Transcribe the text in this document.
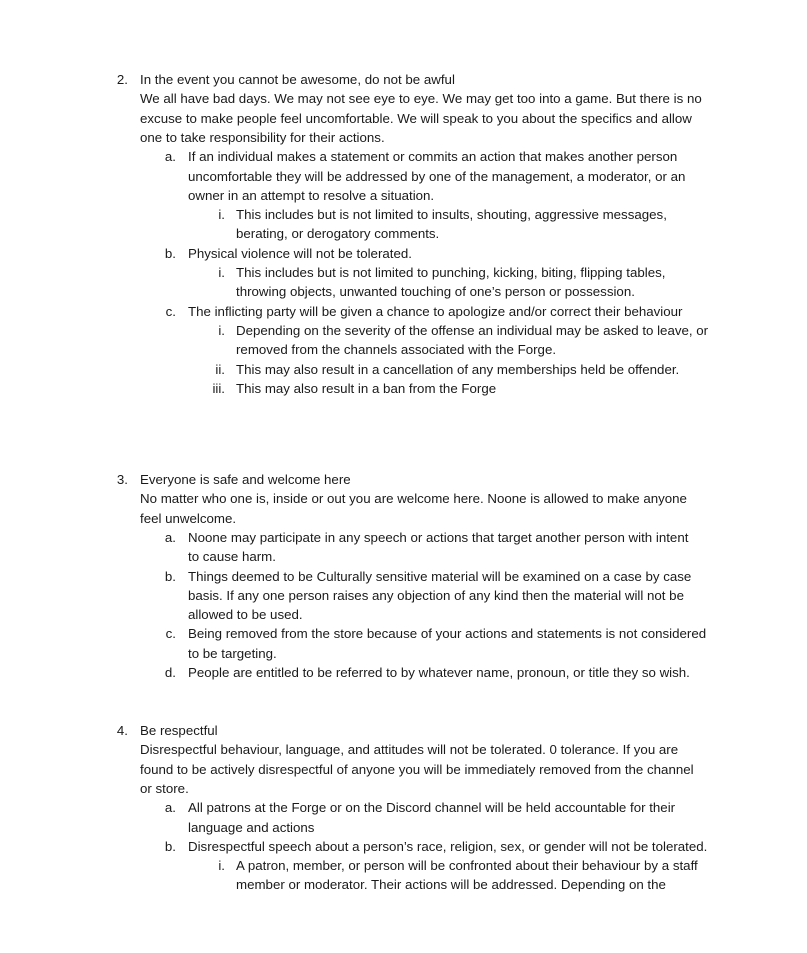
2. In the event you cannot be awesome, do not be awful
We all have bad days. We may not see eye to eye. We may get too into a game. But there is no
excuse to make people feel uncomfortable. We will speak to you about the specifics and allow
one to take responsibility for their actions.
a. If an individual makes a statement or commits an action that makes another person
uncomfortable they will be addressed by one of the management, a moderator, or an
owner in an attempt to resolve a situation.
i. This includes but is not limited to insults, shouting, aggressive messages,
berating, or derogatory comments.
b. Physical violence will not be tolerated.
i. This includes but is not limited to punching, kicking, biting, flipping tables,
throwing objects, unwanted touching of one’s person or possession.
c. The inflicting party will be given a chance to apologize and/or correct their behaviour
i. Depending on the severity of the offense an individual may be asked to leave, or
removed from the channels associated with the Forge.
ii. This may also result in a cancellation of any memberships held be offender.
iii. This may also result in a ban from the Forge
3. Everyone is safe and welcome here
No matter who one is, inside or out you are welcome here. Noone is allowed to make anyone
feel unwelcome.
a. Noone may participate in any speech or actions that target another person with intent
to cause harm.
b. Things deemed to be Culturally sensitive material will be examined on a case by case
basis. If any one person raises any objection of any kind then the material will not be
allowed to be used.
c. Being removed from the store because of your actions and statements is not considered
to be targeting.
d. People are entitled to be referred to by whatever name, pronoun, or title they so wish.
4. Be respectful
Disrespectful behaviour, language, and attitudes will not be tolerated. 0 tolerance. If you are
found to be actively disrespectful of anyone you will be immediately removed from the channel
or store.
a. All patrons at the Forge or on the Discord channel will be held accountable for their
language and actions
b. Disrespectful speech about a person’s race, religion, sex, or gender will not be tolerated.
i. A patron, member, or person will be confronted about their behaviour by a staff
member or moderator. Their actions will be addressed. Depending on the
